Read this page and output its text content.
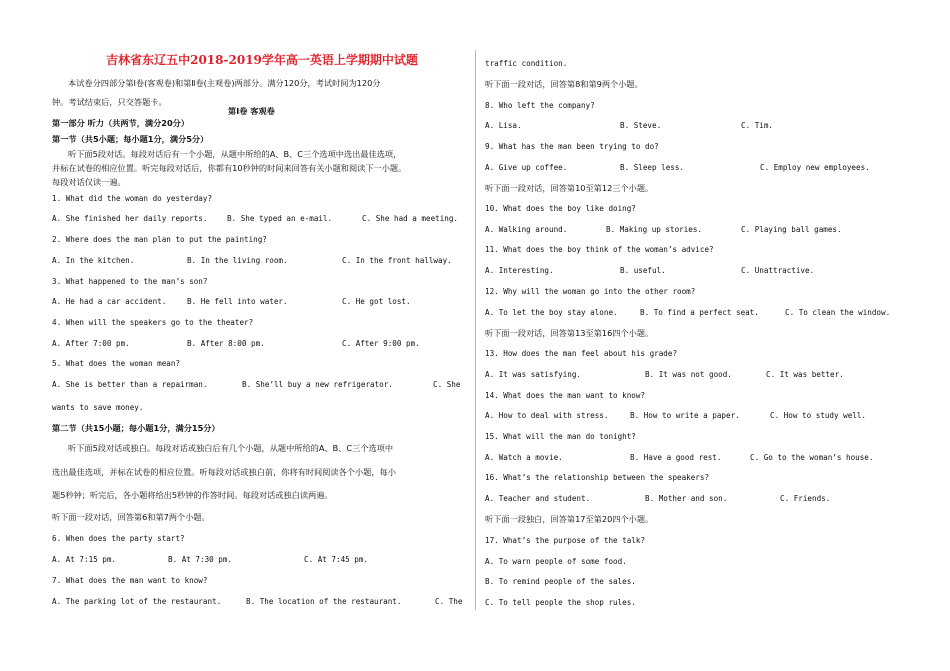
吉林省东辽五中2018-2019学年高一英语上学期期中试题
本试卷分四部分第Ⅰ卷(客观卷)和第Ⅱ卷(主观卷)两部分。满分120分，考试时间为120分
钟。考试结束后，只交答题卡。
第Ⅰ卷 客观卷
第一部分 听力（共两节，满分20分）
第一节（共5小题；每小题1分，满分5分）
听下面5段对话。每段对话后有一个小题，从题中所给的A、B、C三个选项中选出最佳选项，
并标在试卷的相应位置。听完每段对话后，你都有10秒钟的时间来回答有关小题和阅读下一小题。
每段对话仅读一遍。
1. What did the woman do yesterday?
A. She finished her daily reports.	B. She typed an e-mail.	C. She had a meeting.
2. Where does the man plan to put the painting?
A. In the kitchen.	B. In the living room.	C. In the front hallway.
3. What happened to the man’s son?
A. He had a car accident.	B. He fell into water.	C. He got lost.
4. When will the speakers go to the theater?
A. After 7:00 pm.	B. After 8:00 pm.	C. After 9:00 pm.
5. What does the woman mean?
A. She is better than a repairman.	B. She’ll buy a new refrigerator.	C. She
wants to save money.
第二节（共15小题；每小题1分，满分15分）
听下面5段对话或独白。每段对话或独白后有几个小题，从题中所给的A、B、C三个选项中
选出最佳选项，并标在试卷的相应位置。听每段对话或独白前，你将有时间阅读各个小题，每小
题5秒钟；听完后，各小题将给出5秒钟的作答时间。每段对话或独白读两遍。
听下面一段对话，回答第6和第7两个小题。
6. When does the party start?
A. At 7:15 pm.	B. At 7:30 pm.	C. At 7:45 pm.
7. What does the man want to know?
A. The parking lot of the restaurant.	B. The location of the restaurant.	C. The
traffic condition.
听下面一段对话，回答第8和第9两个小题。
8. Who left the company?
A. Lisa.	B. Steve.	C. Tim.
9. What has the man been trying to do?
A. Give up coffee.	B. Sleep less.	C. Employ new employees.
听下面一段对话，回答第10至第12三个小题。
10. What does the boy like doing?
A. Walking around.	B. Making up stories.	C. Playing ball games.
11. What does the boy think of the woman’s advice?
A. Interesting.	B. useful.	C. Unattractive.
12. Why will the woman go into the other room?
A. To let the boy stay alone.	B. To find a perfect seat.	C. To clean the window.
听下面一段对话，回答第13至第16四个小题。
13. How does the man feel about his grade?
A. It was satisfying.	B. It was not good.	C. It was better.
14. What does the man want to know?
A. How to deal with stress.	B. How to write a paper.	C. How to study well.
15. What will the man do tonight?
A. Watch a movie.	B. Have a good rest.	C. Go to the woman’s house.
16. What’s the relationship between the speakers?
A. Teacher and student.	B. Mother and son.	C. Friends.
听下面一段独白，回答第17至第20四个小题。
17. What’s the purpose of the talk?
A. To warn people of some food.
B. To remind people of the sales.
C. To tell people the shop rules.
